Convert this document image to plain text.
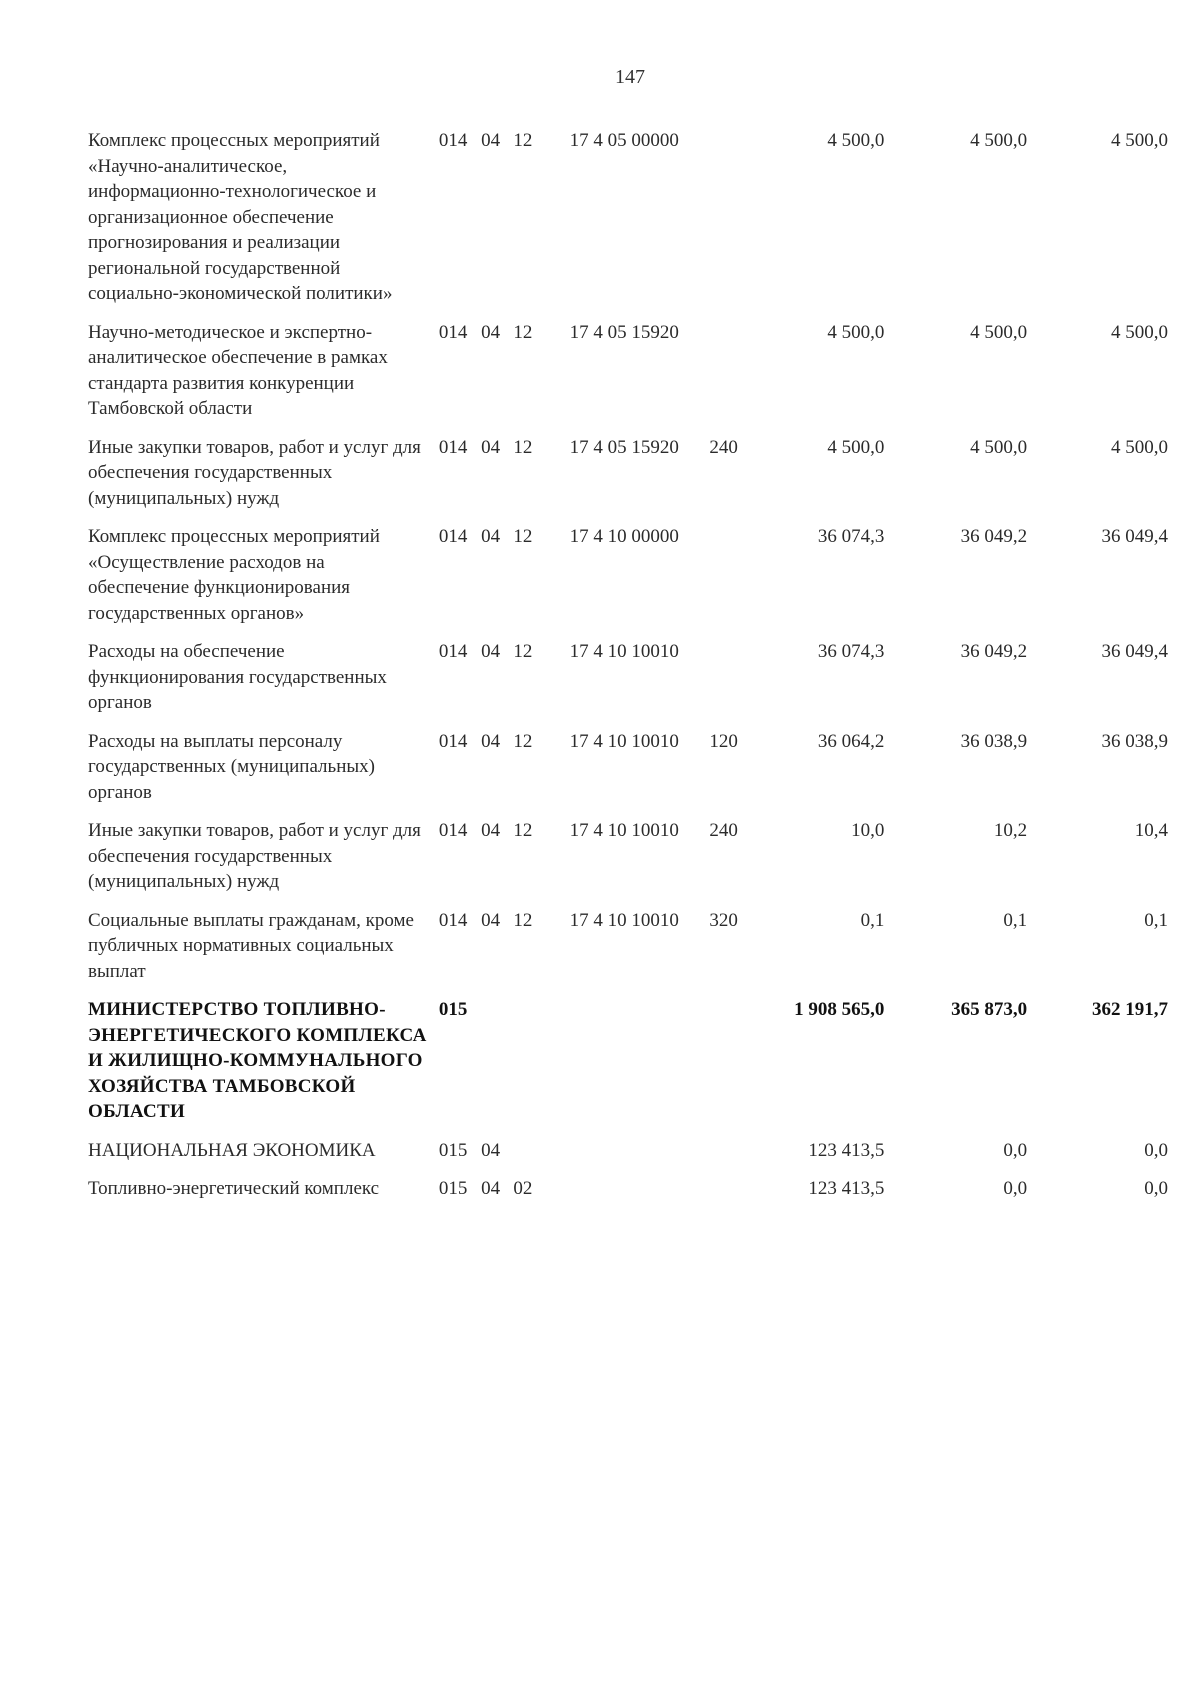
147
Комплекс процессных мероприятий «Научно-аналитическое, информационно-технологическое и организационное обеспечение прогнозирования и реализации региональной государственной социально-экономической политики»	014	04	12	17 4 05 00000		4 500,0	4 500,0	4 500,0
Научно-методическое и экспертно-аналитическое обеспечение в рамках стандарта развития конкуренции Тамбовской области	014	04	12	17 4 05 15920		4 500,0	4 500,0	4 500,0
Иные закупки товаров, работ и услуг для обеспечения государственных (муниципальных) нужд	014	04	12	17 4 05 15920	240	4 500,0	4 500,0	4 500,0
Комплекс процессных мероприятий «Осуществление расходов на обеспечение функционирования государственных органов»	014	04	12	17 4 10 00000		36 074,3	36 049,2	36 049,4
Расходы на обеспечение функционирования государственных органов	014	04	12	17 4 10 10010		36 074,3	36 049,2	36 049,4
Расходы на выплаты персоналу государственных (муниципальных) органов	014	04	12	17 4 10 10010	120	36 064,2	36 038,9	36 038,9
Иные закупки товаров, работ и услуг для обеспечения государственных (муниципальных) нужд	014	04	12	17 4 10 10010	240	10,0	10,2	10,4
Социальные выплаты гражданам, кроме публичных нормативных социальных выплат	014	04	12	17 4 10 10010	320	0,1	0,1	0,1
МИНИСТЕРСТВО ТОПЛИВНО-ЭНЕРГЕТИЧЕСКОГО КОМПЛЕКСА И ЖИЛИЩНО-КОММУНАЛЬНОГО ХОЗЯЙСТВА ТАМБОВСКОЙ ОБЛАСТИ	015					1 908 565,0	365 873,0	362 191,7
НАЦИОНАЛЬНАЯ ЭКОНОМИКА	015	04				123 413,5	0,0	0,0
Топливно-энергетический комплекс	015	04	02			123 413,5	0,0	0,0
